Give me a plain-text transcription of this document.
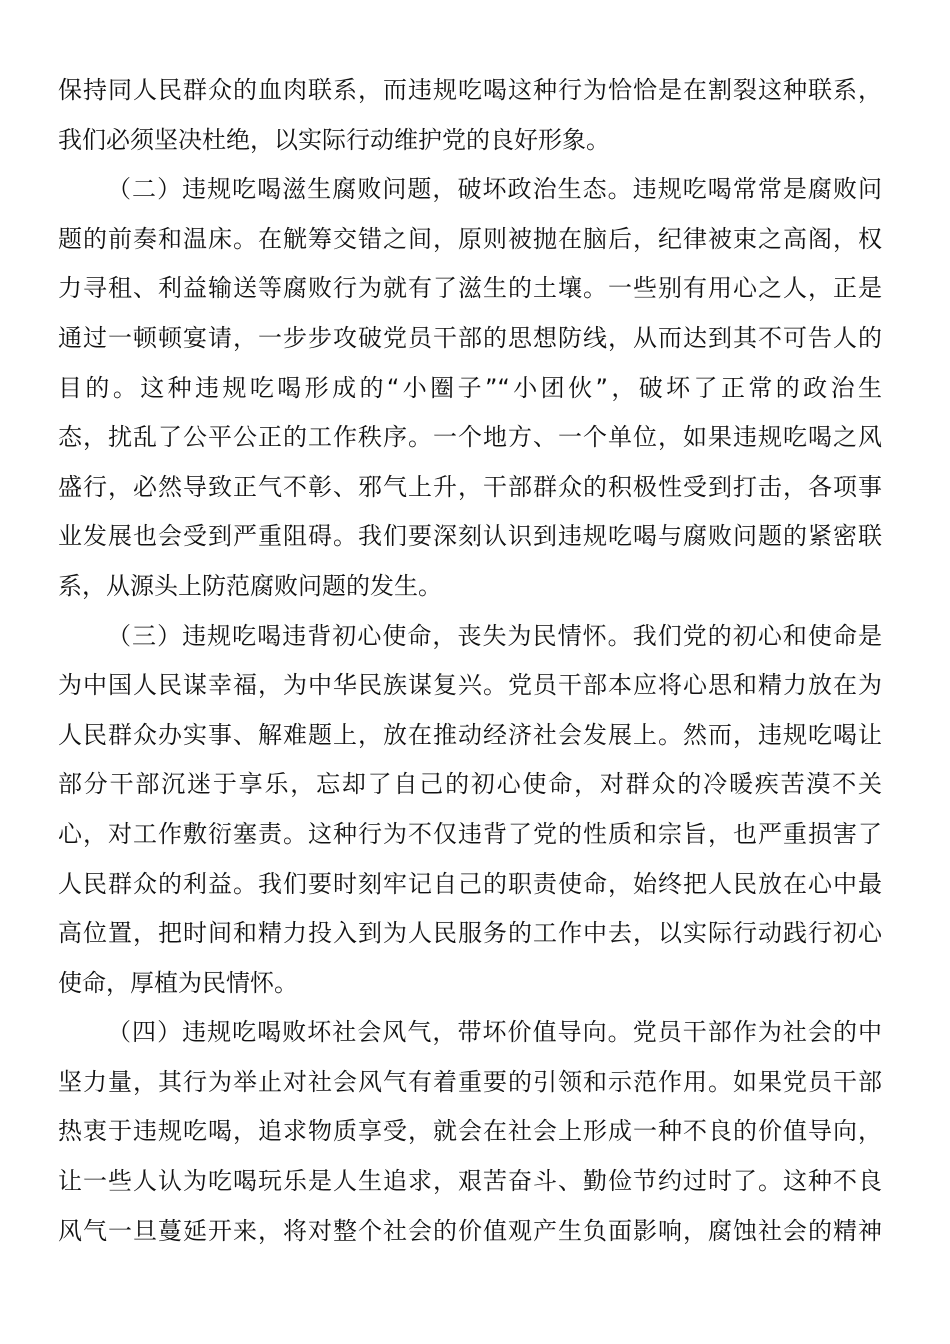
保持同人民群众的血肉联系，而违规吃喝这种行为恰恰是在割裂这种联系，
我们必须坚决杜绝，以实际行动维护党的良好形象。
（二）违规吃喝滋生腐败问题，破坏政治生态。违规吃喝常常是腐败问
题的前奏和温床。在觥筹交错之间，原则被抛在脑后，纪律被束之高阁，权
力寻租、利益输送等腐败行为就有了滋生的土壤。一些别有用心之人，正是
通过一顿顿宴请，一步步攻破党员干部的思想防线，从而达到其不可告人的
目的。这种违规吃喝形成的“小圈子”“小团伙”，破坏了正常的政治生
态，扰乱了公平公正的工作秩序。一个地方、一个单位，如果违规吃喝之风
盛行，必然导致正气不彰、邪气上升，干部群众的积极性受到打击，各项事
业发展也会受到严重阻碍。我们要深刻认识到违规吃喝与腐败问题的紧密联
系，从源头上防范腐败问题的发生。
（三）违规吃喝违背初心使命，丧失为民情怀。我们党的初心和使命是
为中国人民谋幸福，为中华民族谋复兴。党员干部本应将心思和精力放在为
人民群众办实事、解难题上，放在推动经济社会发展上。然而，违规吃喝让
部分干部沉迷于享乐，忘却了自己的初心使命，对群众的冷暖疾苦漠不关
心，对工作敷衍塞责。这种行为不仅违背了党的性质和宗旨，也严重损害了
人民群众的利益。我们要时刻牢记自己的职责使命，始终把人民放在心中最
高位置，把时间和精力投入到为人民服务的工作中去，以实际行动践行初心
使命，厚植为民情怀。
（四）违规吃喝败坏社会风气，带坏价值导向。党员干部作为社会的中
坚力量，其行为举止对社会风气有着重要的引领和示范作用。如果党员干部
热衷于违规吃喝，追求物质享受，就会在社会上形成一种不良的价值导向，
让一些人认为吃喝玩乐是人生追求，艰苦奋斗、勤俭节约过时了。这种不良
风气一旦蔓延开来，将对整个社会的价值观产生负面影响，腐蚀社会的精神
